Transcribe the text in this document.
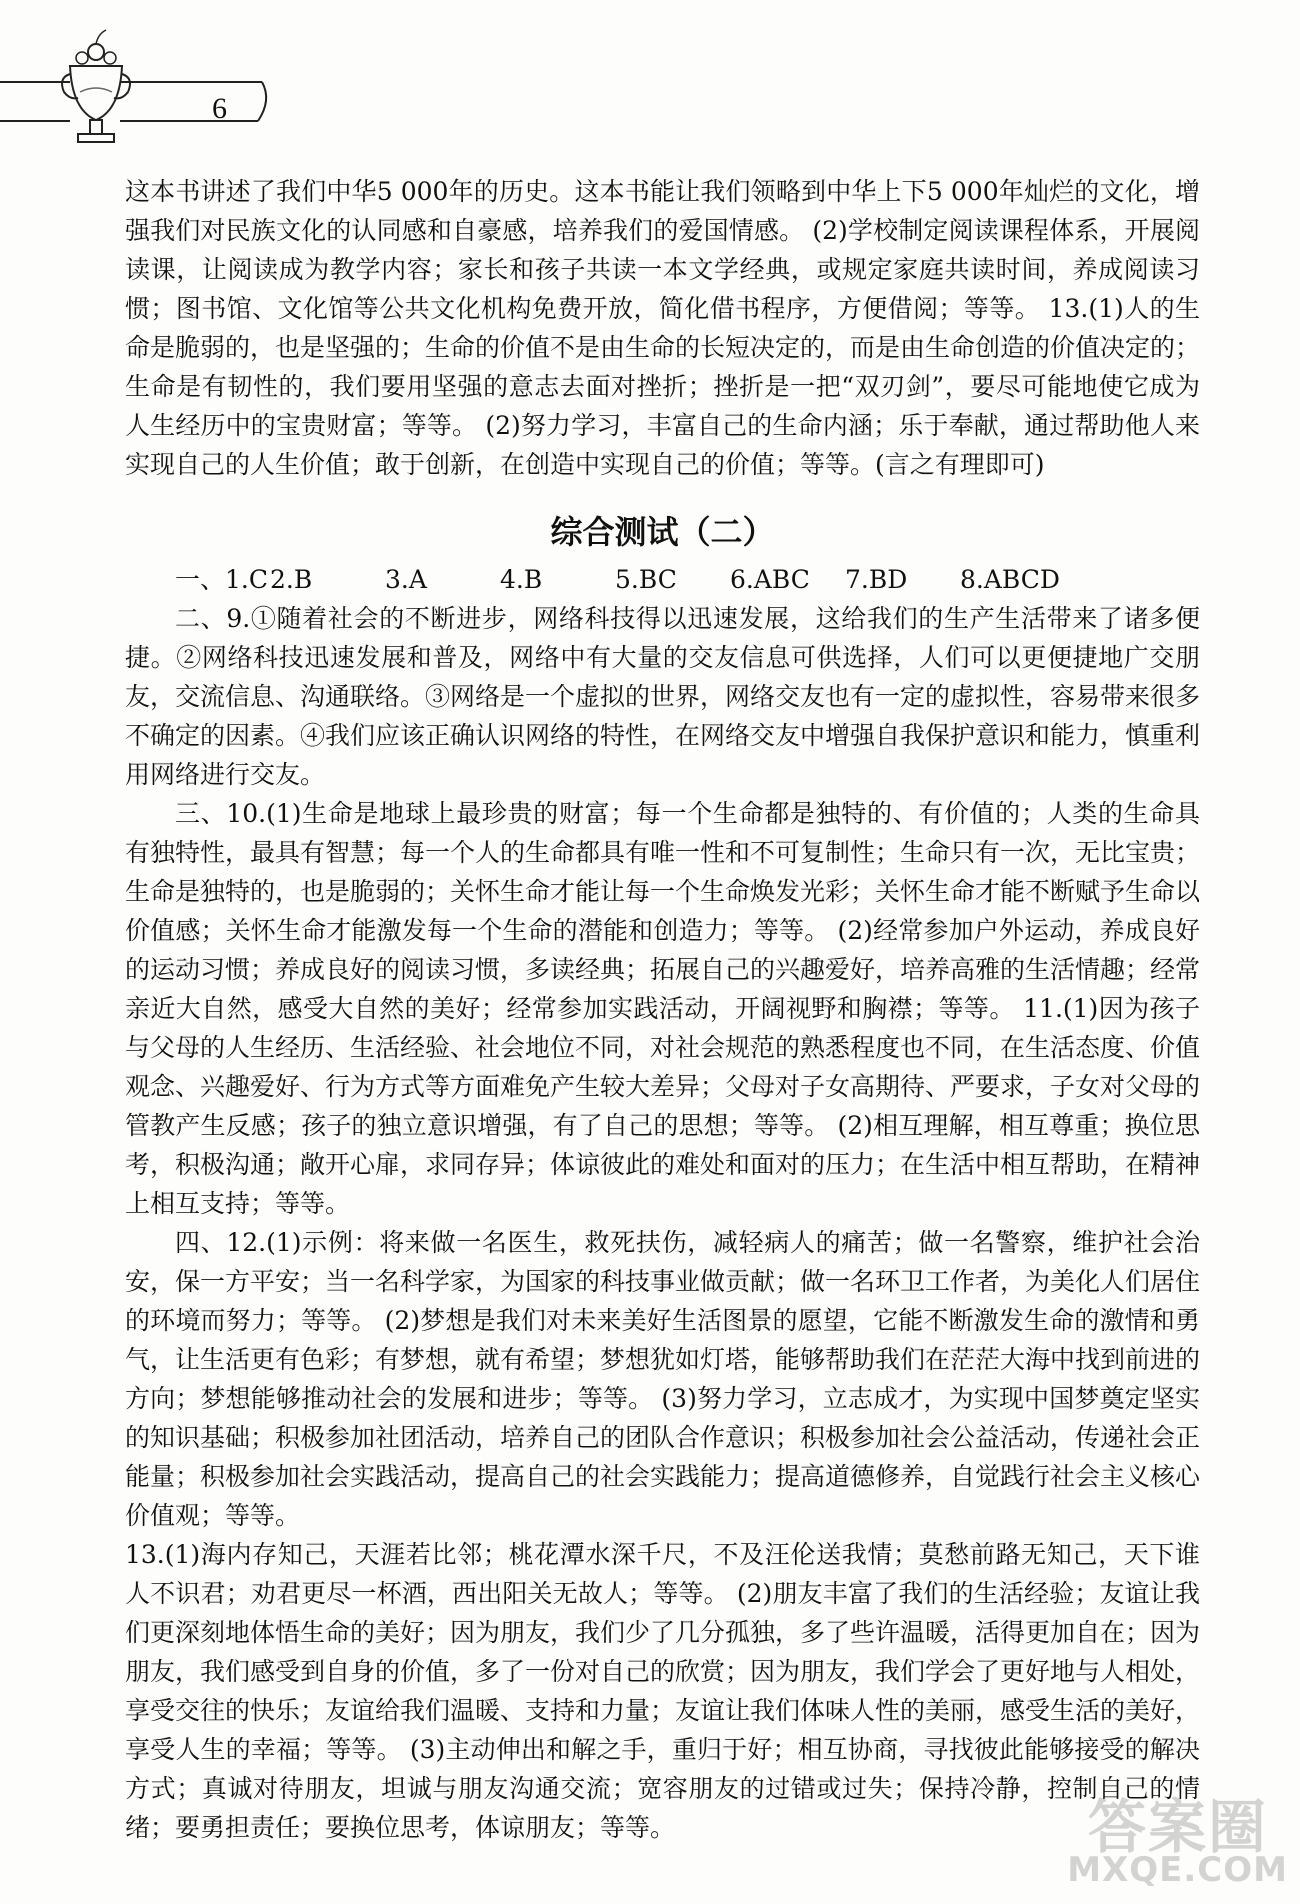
6

这本书讲述了我们中华5 000年的历史。这本书能让我们领略到中华上下5 000年灿烂的文化，增强我们对民族文化的认同感和自豪感，培养我们的爱国情感。 (2)学校制定阅读课程体系，开展阅读课，让阅读成为教学内容；家长和孩子共读一本文学经典，或规定家庭共读时间，养成阅读习惯；图书馆、文化馆等公共文化机构免费开放，简化借书程序，方便借阅；等等。 13.(1)人的生命是脆弱的，也是坚强的；生命的价值不是由生命的长短决定的，而是由生命创造的价值决定的；生命是有韧性的，我们要用坚强的意志去面对挫折；挫折是一把“双刃剑”，要尽可能地使它成为人生经历中的宝贵财富；等等。 (2)努力学习，丰富自己的生命内涵；乐于奉献，通过帮助他人来实现自己的人生价值；敢于创新，在创造中实现自己的价值；等等。(言之有理即可)

综合测试（二）
一、1.C 2.B	3.A	4.B	5.BC	6.ABC	7.BD	8.ABCD

二、9.①随着社会的不断进步，网络科技得以迅速发展，这给我们的生产生活带来了诸多便捷。②网络科技迅速发展和普及，网络中有大量的交友信息可供选择，人们可以更便捷地广交朋友，交流信息、沟通联络。③网络是一个虚拟的世界，网络交友也有一定的虚拟性，容易带来很多不确定的因素。④我们应该正确认识网络的特性，在网络交友中增强自我保护意识和能力，慎重利用网络进行交友。

三、10.(1)生命是地球上最珍贵的财富；每一个生命都是独特的、有价值的；人类的生命具有独特性，最具有智慧；每一个人的生命都具有唯一性和不可复制性；生命只有一次，无比宝贵；生命是独特的，也是脆弱的；关怀生命才能让每一个生命焕发光彩；关怀生命才能不断赋予生命以价值感；关怀生命才能激发每一个生命的潜能和创造力；等等。 (2)经常参加户外运动，养成良好的运动习惯；养成良好的阅读习惯，多读经典；拓展自己的兴趣爱好，培养高雅的生活情趣；经常亲近大自然，感受大自然的美好；经常参加实践活动，开阔视野和胸襟；等等。 11.(1)因为孩子与父母的人生经历、生活经验、社会地位不同，对社会规范的熟悉程度也不同，在生活态度、价值观念、兴趣爱好、行为方式等方面难免产生较大差异；父母对子女高期待、严要求，子女对父母的管教产生反感；孩子的独立意识增强，有了自己的思想；等等。 (2)相互理解，相互尊重；换位思考，积极沟通；敞开心扉，求同存异；体谅彼此的难处和面对的压力；在生活中相互帮助，在精神上相互支持；等等。

四、12.(1)示例：将来做一名医生，救死扶伤，减轻病人的痛苦；做一名警察，维护社会治安，保一方平安；当一名科学家，为国家的科技事业做贡献；做一名环卫工作者，为美化人们居住的环境而努力；等等。 (2)梦想是我们对未来美好生活图景的愿望，它能不断激发生命的激情和勇气，让生活更有色彩；有梦想，就有希望；梦想犹如灯塔，能够帮助我们在茫茫大海中找到前进的方向；梦想能够推动社会的发展和进步；等等。 (3)努力学习，立志成才，为实现中国梦奠定坚实的知识基础；积极参加社团活动，培养自己的团队合作意识；积极参加社会公益活动，传递社会正能量；积极参加社会实践活动，提高自己的社会实践能力；提高道德修养，自觉践行社会主义核心价值观；等等。

13.(1)海内存知己，天涯若比邻；桃花潭水深千尺，不及汪伦送我情；莫愁前路无知己，天下谁人不识君；劝君更尽一杯酒，西出阳关无故人；等等。 (2)朋友丰富了我们的生活经验；友谊让我们更深刻地体悟生命的美好；因为朋友，我们少了几分孤独，多了些许温暖，活得更加自在；因为朋友，我们感受到自身的价值，多了一份对自己的欣赏；因为朋友，我们学会了更好地与人相处，享受交往的快乐；友谊给我们温暖、支持和力量；友谊让我们体味人性的美丽，感受生活的美好，享受人生的幸福；等等。 (3)主动伸出和解之手，重归于好；相互协商，寻找彼此能够接受的解决方式；真诚对待朋友，坦诚与朋友沟通交流；宽容朋友的过错或过失；保持冷静，控制自己的情绪；要勇担责任；要换位思考，体谅朋友；等等。	答案圈
MXQE.COM
